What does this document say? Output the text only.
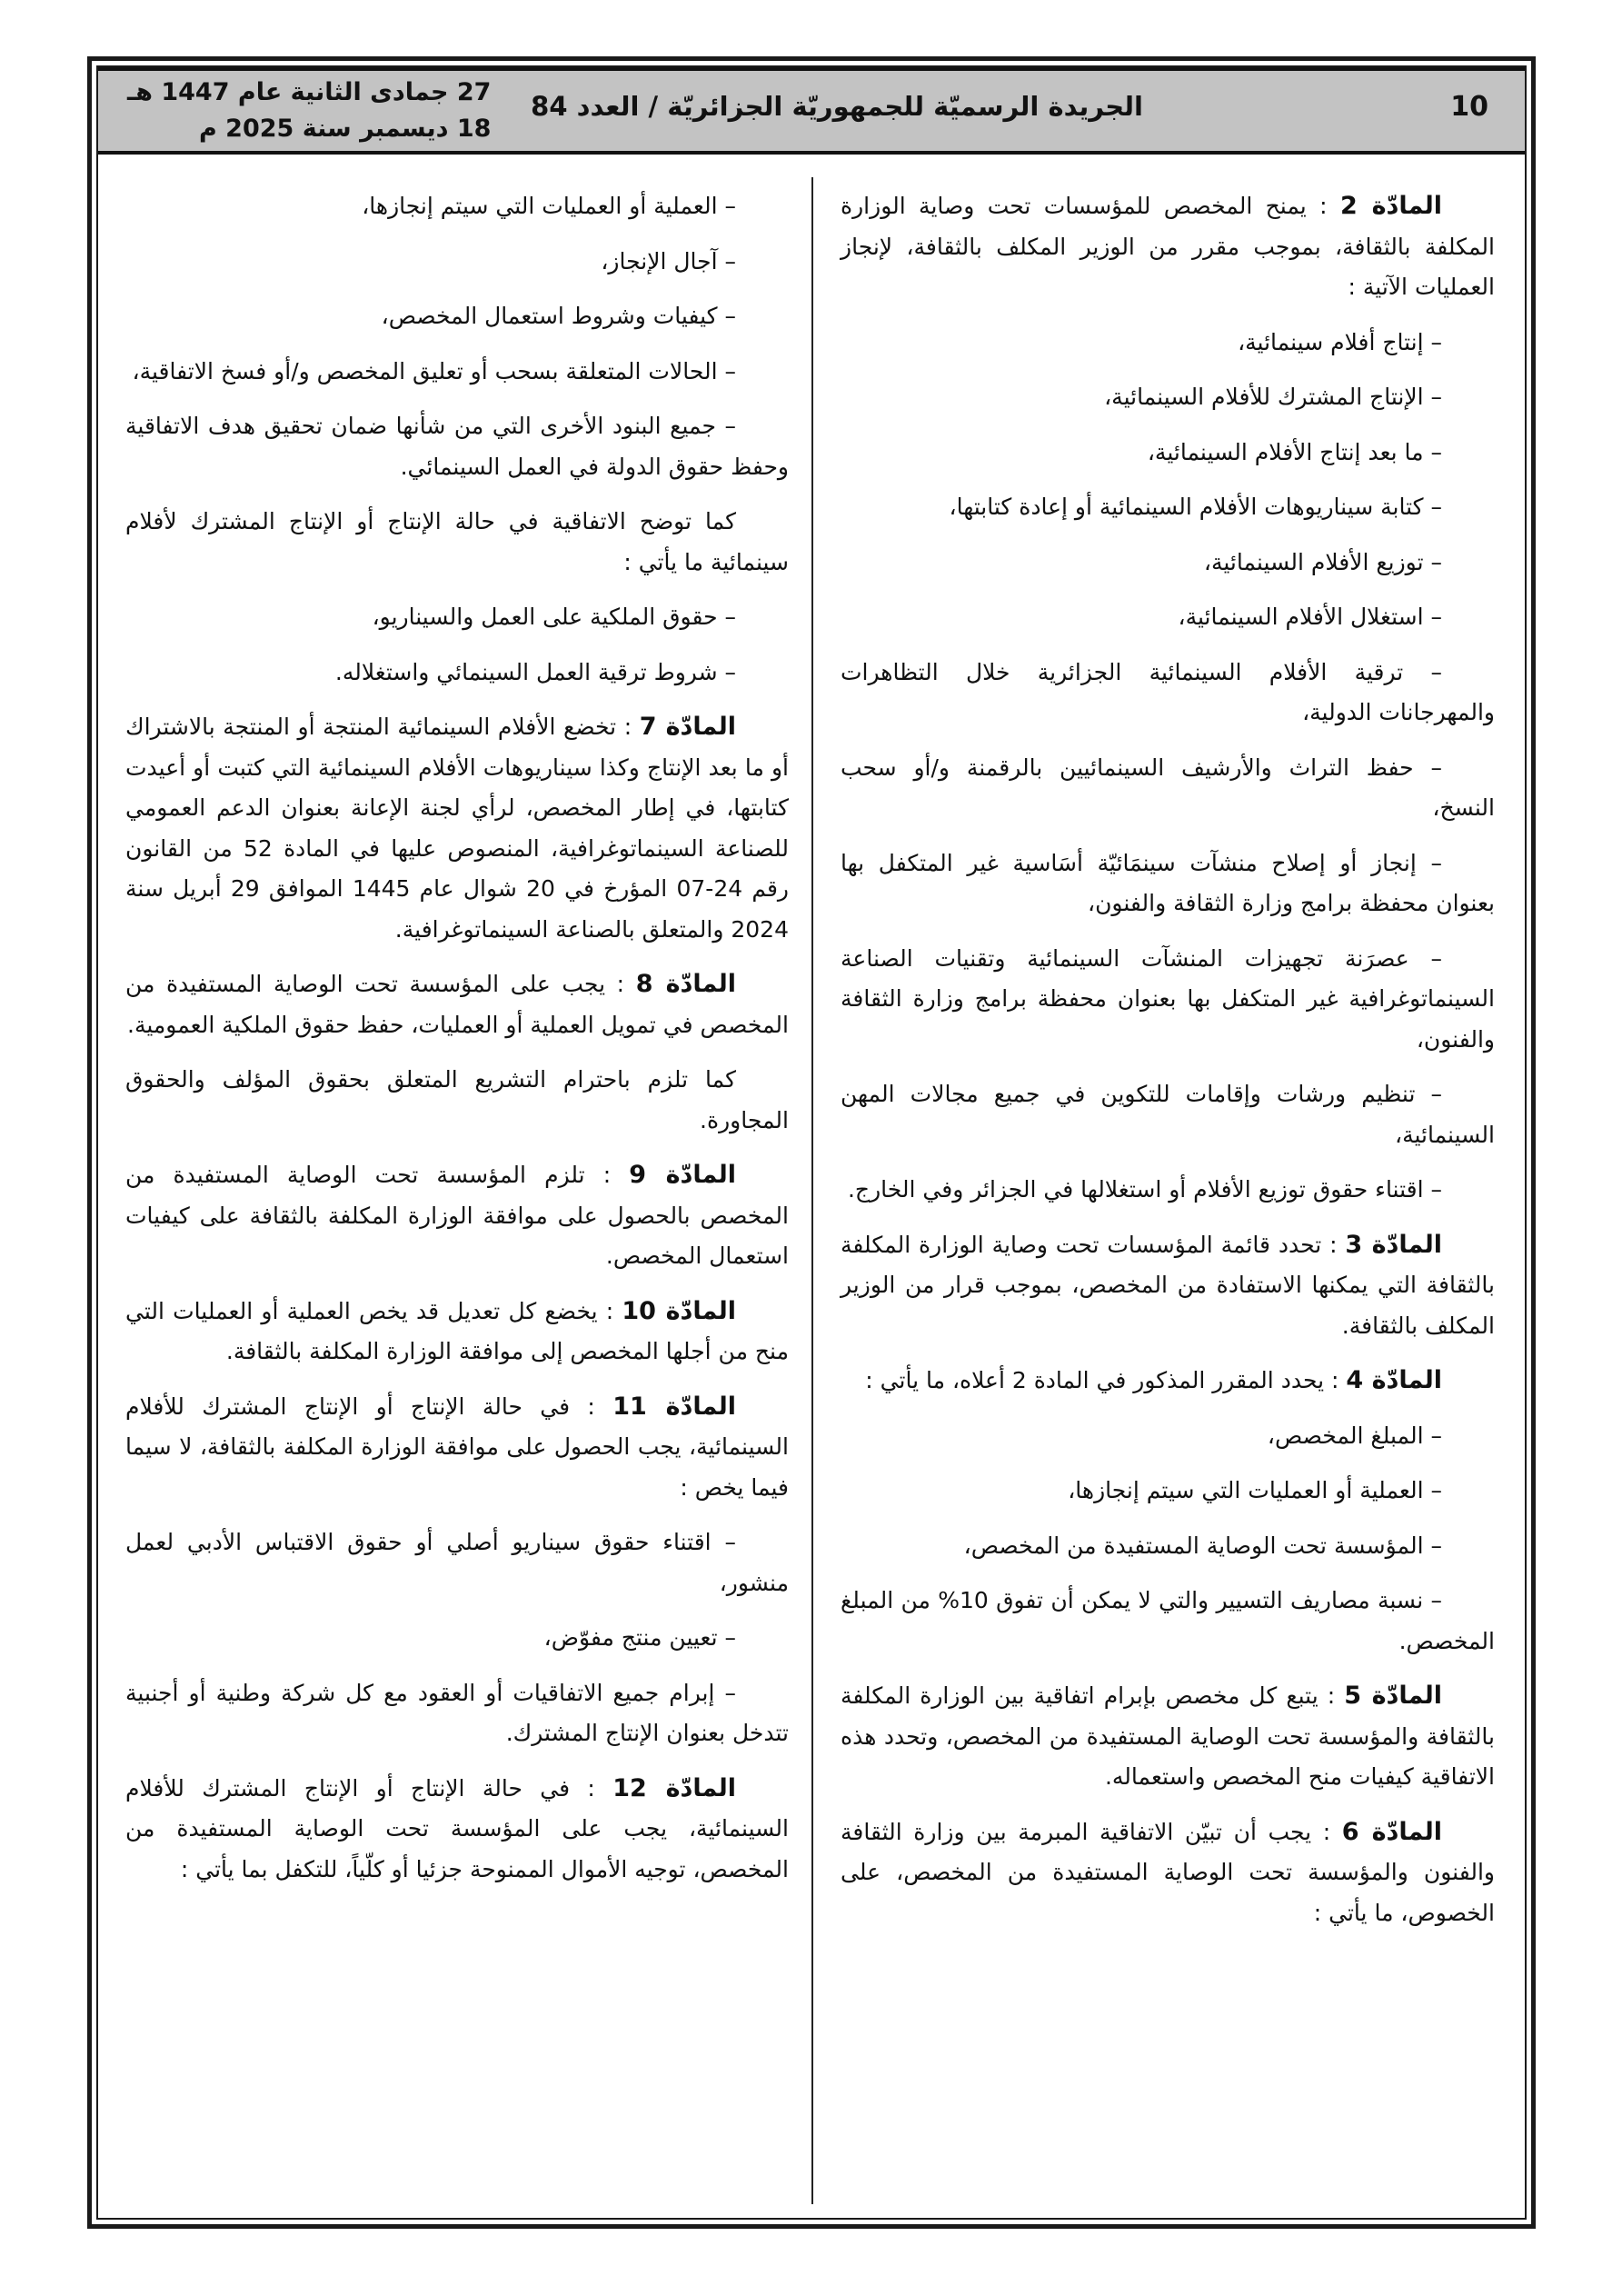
10
الجريدة الرسميّة للجمهوريّة الجزائريّة / العدد 84
27 جمادى الثانية عام 1447 هـ
18 ديسمبر سنة 2025 م

المادّة 2 : يمنح المخصص للمؤسسات تحت وصاية الوزارة المكلفة بالثقافة، بموجب مقرر من الوزير المكلف بالثقافة، لإنجاز العمليات الآتية :

– إنتاج أفلام سينمائية،

– الإنتاج المشترك للأفلام السينمائية،

– ما بعد إنتاج الأفلام السينمائية،

– كتابة سيناريوهات الأفلام السينمائية أو إعادة كتابتها،

– توزيع الأفلام السينمائية،

– استغلال الأفلام السينمائية،

– ترقية الأفلام السينمائية الجزائرية خلال التظاهرات والمهرجانات الدولية،

– حفظ التراث والأرشيف السينمائيين بالرقمنة و/أو سحب النسخ،

– إنجاز أو إصلاح منشآت سينمَائيّة أسَاسية غير المتكفل بها بعنوان محفظة برامج وزارة الثقافة والفنون،

– عصرَنة تجهيزات المنشآت السينمائية وتقنيات الصناعة السينماتوغرافية غير المتكفل بها بعنوان محفظة برامج وزارة الثقافة والفنون،

– تنظيم ورشات وإقامات للتكوين في جميع مجالات المهن السينمائية،

– اقتناء حقوق توزيع الأفلام أو استغلالها في الجزائر وفي الخارج.

المادّة 3 : تحدد قائمة المؤسسات تحت وصاية الوزارة المكلفة بالثقافة التي يمكنها الاستفادة من المخصص، بموجب قرار من الوزير المكلف بالثقافة.

المادّة 4 : يحدد المقرر المذكور في المادة 2 أعلاه، ما يأتي :

– المبلغ المخصص،

– العملية أو العمليات التي سيتم إنجازها،

– المؤسسة تحت الوصاية المستفيدة من المخصص،

– نسبة مصاريف التسيير والتي لا يمكن أن تفوق 10% من المبلغ المخصص.

المادّة 5 : يتبع كل مخصص بإبرام اتفاقية بين الوزارة المكلفة بالثقافة والمؤسسة تحت الوصاية المستفيدة من المخصص، وتحدد هذه الاتفاقية كيفيات منح المخصص واستعماله.

المادّة 6 : يجب أن تبيّن الاتفاقية المبرمة بين وزارة الثقافة والفنون والمؤسسة تحت الوصاية المستفيدة من المخصص، على الخصوص، ما يأتي :

– العملية أو العمليات التي سيتم إنجازها،

– آجال الإنجاز،

– كيفيات وشروط استعمال المخصص،

– الحالات المتعلقة بسحب أو تعليق المخصص و/أو فسخ الاتفاقية،

– جميع البنود الأخرى التي من شأنها ضمان تحقيق هدف الاتفاقية وحفظ حقوق الدولة في العمل السينمائي.

كما توضح الاتفاقية في حالة الإنتاج أو الإنتاج المشترك لأفلام سينمائية ما يأتي :

– حقوق الملكية على العمل والسيناريو،

– شروط ترقية العمل السينمائي واستغلاله.

المادّة 7 : تخضع الأفلام السينمائية المنتجة أو المنتجة بالاشتراك أو ما بعد الإنتاج وكذا سيناريوهات الأفلام السينمائية التي كتبت أو أعيدت كتابتها، في إطار المخصص، لرأي لجنة الإعانة بعنوان الدعم العمومي للصناعة السينماتوغرافية، المنصوص عليها في المادة 52 من القانون رقم 24-07 المؤرخ في 20 شوال عام 1445 الموافق 29 أبريل سنة 2024 والمتعلق بالصناعة السينماتوغرافية.

المادّة 8 : يجب على المؤسسة تحت الوصاية المستفيدة من المخصص في تمويل العملية أو العمليات، حفظ حقوق الملكية العمومية.

كما تلزم باحترام التشريع المتعلق بحقوق المؤلف والحقوق المجاورة.

المادّة 9 : تلزم المؤسسة تحت الوصاية المستفيدة من المخصص بالحصول على موافقة الوزارة المكلفة بالثقافة على كيفيات استعمال المخصص.

المادّة 10 : يخضع كل تعديل قد يخص العملية أو العمليات التي منح من أجلها المخصص إلى موافقة الوزارة المكلفة بالثقافة.

المادّة 11 : في حالة الإنتاج أو الإنتاج المشترك للأفلام السينمائية، يجب الحصول على موافقة الوزارة المكلفة بالثقافة، لا سيما فيما يخص :

– اقتناء حقوق سيناريو أصلي أو حقوق الاقتباس الأدبي لعمل منشور،

– تعيين منتج مفوّض،

– إبرام جميع الاتفاقيات أو العقود مع كل شركة وطنية أو أجنبية تتدخل بعنوان الإنتاج المشترك.

المادّة 12 : في حالة الإنتاج أو الإنتاج المشترك للأفلام السينمائية، يجب على المؤسسة تحت الوصاية المستفيدة من المخصص، توجيه الأموال الممنوحة جزئيا أو كلّياً، للتكفل بما يأتي :
